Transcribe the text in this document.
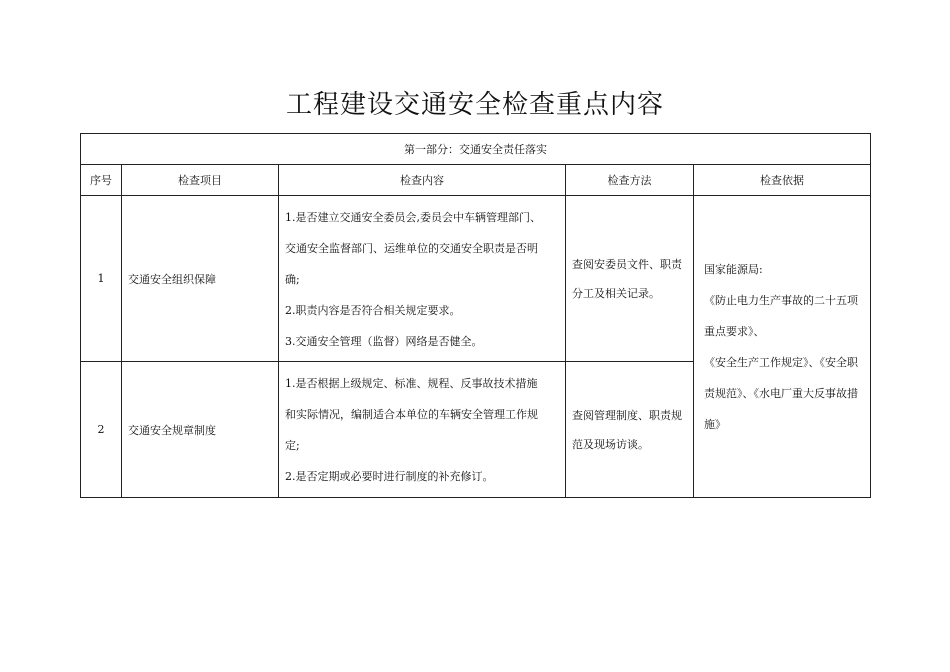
工程建设交通安全检查重点内容
第一部分：交通安全责任落实				
序号	检查项目	检查内容	检查方法	检查依据
1	交通安全组织保障	1.是否建立交通安全委员会,委员会中车辆管理部门、
交通安全监督部门、运维单位的交通安全职责是否明
确;
2.职责内容是否符合相关规定要求。
3.交通安全管理（监督）网络是否健全。	查阅安委员文件、职责分工及相关记录。	国家能源局:
《防止电力生产事故的二十五项重点要求》、
《安全生产工作规定》、《安全职责规范》、《水电厂重大反事故措施》

2	交通安全规章制度	1.是否根据上级规定、标准、规程、反事故技术措施
和实际情况，编制适合本单位的车辆安全管理工作规
定;
2.是否定期或必要时进行制度的补充修订。	查阅管理制度、职责规范及现场访谈。	
